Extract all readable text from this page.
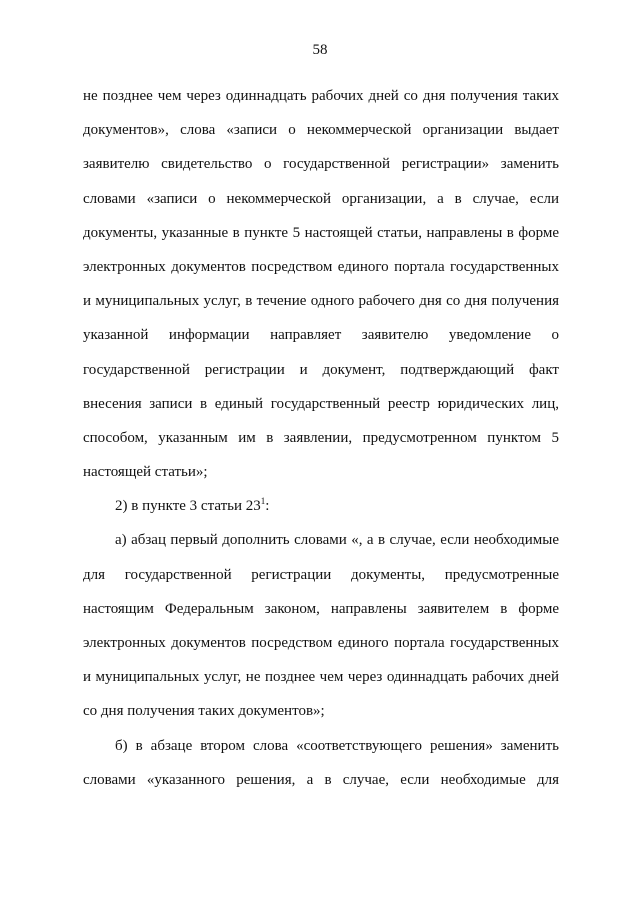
58
не позднее чем через одиннадцать рабочих дней со дня получения таких
документов», слова «записи о некоммерческой организации выдает
заявителю свидетельство о государственной регистрации» заменить
словами «записи о некоммерческой организации, а в случае, если
документы, указанные в пункте 5 настоящей статьи, направлены в форме
электронных документов посредством единого портала государственных
и муниципальных услуг, в течение одного рабочего дня со дня получения
указанной информации направляет заявителю уведомление о
государственной регистрации и документ, подтверждающий факт
внесения записи в единый государственный реестр юридических лиц,
способом, указанным им в заявлении, предусмотренном пунктом 5
настоящей статьи»;
2) в пункте 3 статьи $23^1$:
а) абзац первый дополнить словами «, а в случае, если необходимые
для государственной регистрации документы, предусмотренные
настоящим Федеральным законом, направлены заявителем в форме
электронных документов посредством единого портала государственных
и муниципальных услуг, не позднее чем через одиннадцать рабочих дней
со дня получения таких документов»;
б) в абзаце втором слова «соответствующего решения» заменить
словами «указанного решения, а в случае, если необходимые для
